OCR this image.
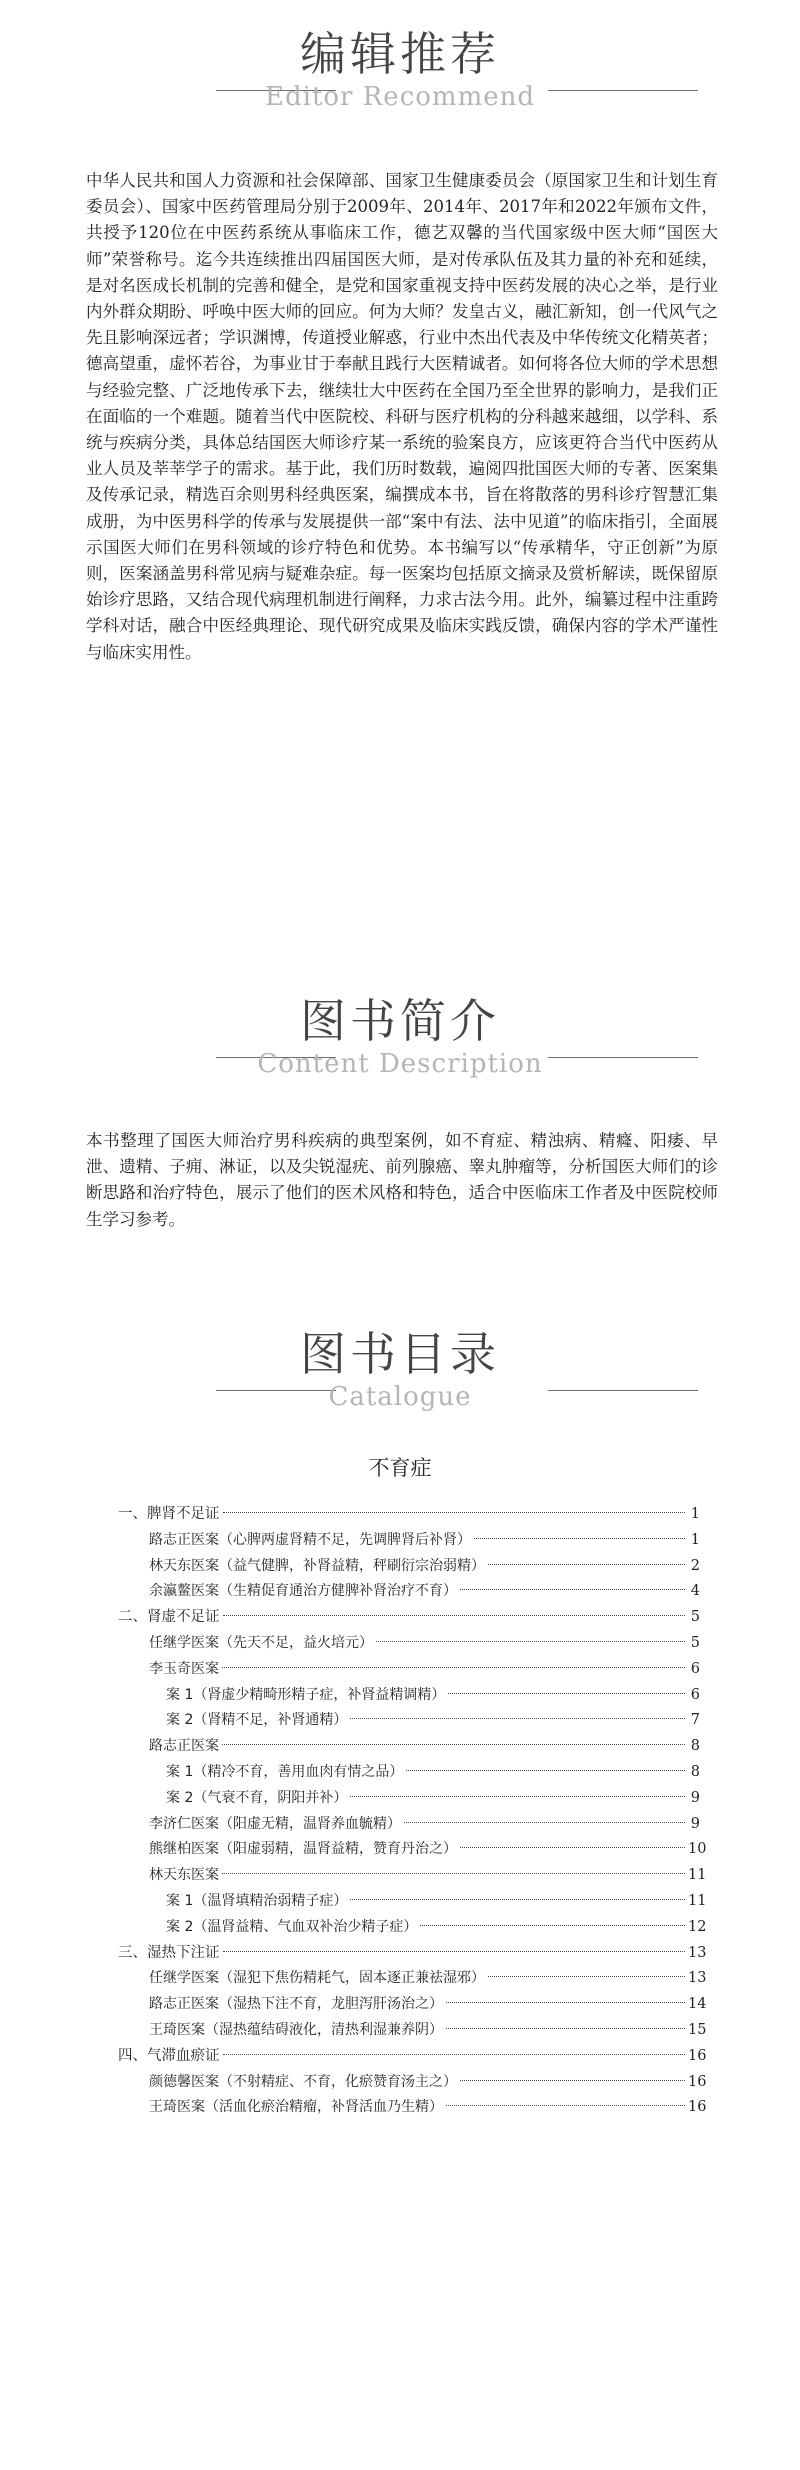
编辑推荐
Editor Recommend

中华人民共和国人力资源和社会保障部、国家卫生健康委员会（原国家卫生和计划生育委员会）、国家中医药管理局分别于2009年、2014年、2017年和2022年颁布文件，共授予120位在中医药系统从事临床工作，德艺双馨的当代国家级中医大师“国医大师”荣誉称号。迄今共连续推出四届国医大师，是对传承队伍及其力量的补充和延续，是对名医成长机制的完善和健全，是党和国家重视支持中医药发展的决心之举，是行业内外群众期盼、呼唤中医大师的回应。何为大师？发皇古义，融汇新知，创一代风气之先且影响深远者；学识渊博，传道授业解惑，行业中杰出代表及中华传统文化精英者；德高望重，虚怀若谷，为事业甘于奉献且践行大医精诚者。如何将各位大师的学术思想与经验完整、广泛地传承下去，继续壮大中医药在全国乃至全世界的影响力，是我们正在面临的一个难题。随着当代中医院校、科研与医疗机构的分科越来越细，以学科、系统与疾病分类，具体总结国医大师诊疗某一系统的验案良方，应该更符合当代中医药从业人员及莘莘学子的需求。基于此，我们历时数载，遍阅四批国医大师的专著、医案集及传承记录，精选百余则男科经典医案，编撰成本书，旨在将散落的男科诊疗智慧汇集成册，为中医男科学的传承与发展提供一部“案中有法、法中见道”的临床指引，全面展示国医大师们在男科领域的诊疗特色和优势。本书编写以“传承精华，守正创新”为原则，医案涵盖男科常见病与疑难杂症。每一医案均包括原文摘录及赏析解读，既保留原始诊疗思路，又结合现代病理机制进行阐释，力求古法今用。此外，编纂过程中注重跨学科对话，融合中医经典理论、现代研究成果及临床实践反馈，确保内容的学术严谨性与临床实用性。

图书简介
Content Description

本书整理了国医大师治疗男科疾病的典型案例，如不育症、精浊病、精癃、阳痿、早泄、遗精、子痈、淋证，以及尖锐湿疣、前列腺癌、睾丸肿瘤等，分析国医大师们的诊断思路和治疗特色，展示了他们的医术风格和特色，适合中医临床工作者及中医院校师生学习参考。

图书目录
Catalogue
不育症
一、脾肾不足证	1
路志正医案（心脾两虚肾精不足，先调脾肾后补肾）	1
林天东医案（益气健脾，补肾益精，秤刷衍宗治弱精）	2
余瀛鳌医案（生精促育通治方健脾补肾治疗不育）	4
二、肾虚不足证	5
任继学医案（先天不足，益火培元）	5
李玉奇医案	6
案 1（肾虚少精畸形精子症，补肾益精调精）	6
案 2（肾精不足，补肾通精）	7
路志正医案	8
案 1（精冷不育，善用血肉有情之品）	8
案 2（气衰不育，阴阳并补）	9
李济仁医案（阳虚无精，温肾养血毓精）	9
熊继柏医案（阳虚弱精，温肾益精，赞育丹治之）	10
林天东医案	11
案 1（温肾填精治弱精子症）	11
案 2（温肾益精、气血双补治少精子症）	12
三、湿热下注证	13
任继学医案（湿犯下焦伤精耗气，固本逐正兼祛湿邪）	13
路志正医案（湿热下注不育，龙胆泻肝汤治之）	14
王琦医案（湿热蕴结碍液化，清热利湿兼养阴）	15
四、气滞血瘀证	16
颜德馨医案（不射精症、不育，化瘀赞育汤主之）	16
王琦医案（活血化瘀治精瘤，补肾活血乃生精）	16
